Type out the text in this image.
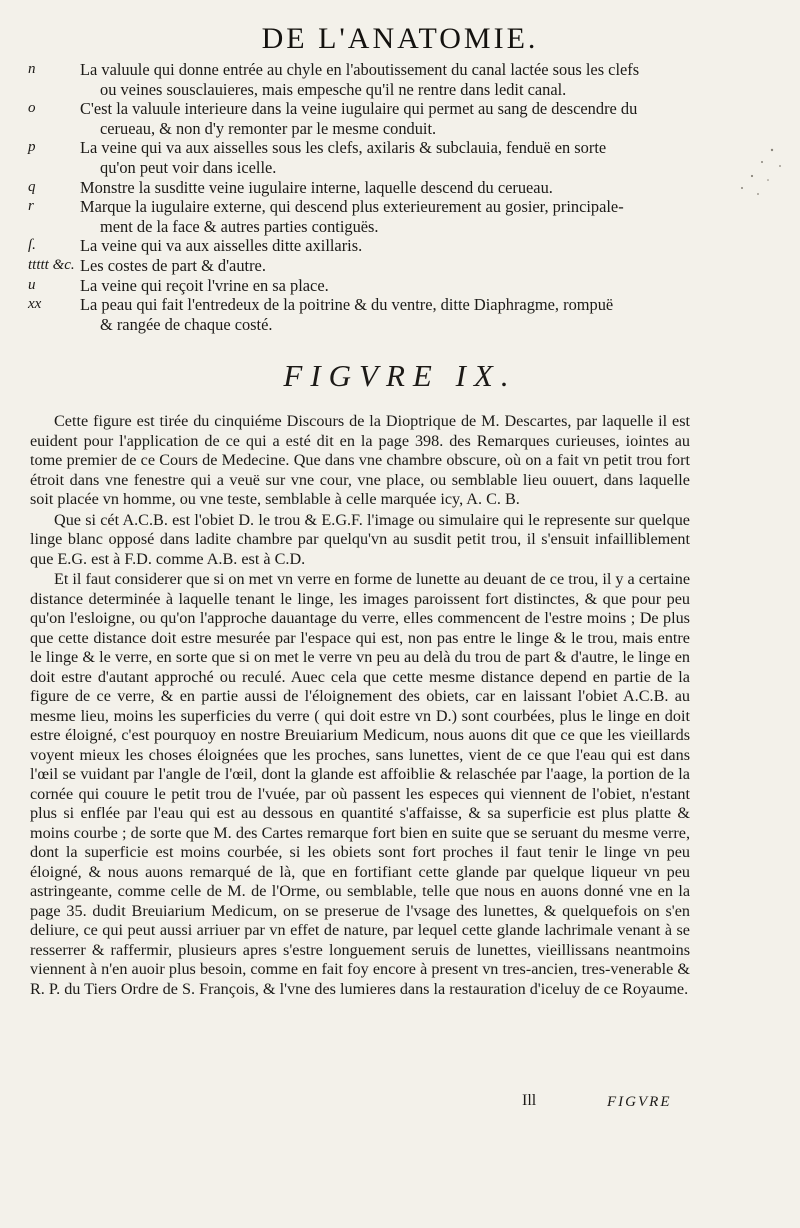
DE L'ANATOMIE.
n	La valuule qui donne entrée au chyle en l'aboutissement du canal lactée sous les clefs
ou veines sousclauieres, mais empesche qu'il ne rentre dans ledit canal.
o	C'est la valuule interieure dans la veine iugulaire qui permet au sang de descendre du
cerueau, & non d'y remonter par le mesme conduit.
p	La veine qui va aux aisselles sous les clefs, axilaris & subclauia, fenduë en sorte
qu'on peut voir dans icelle.
q	Monstre la susditte veine iugulaire interne, laquelle descend du cerueau.
r	Marque la iugulaire externe, qui descend plus exterieurement au gosier, principale-
ment de la face & autres parties contiguës.
ſ.	La veine qui va aux aisselles ditte axillaris.
ttttt &c. Les costes de part & d'autre.
u	La veine qui reçoit l'vrine en sa place.
xx	La peau qui fait l'entredeux de la poitrine & du ventre, ditte Diaphragme, rompuë
& rangée de chaque costé.
FIGVRE IX.

Cette figure est tirée du cinquiéme Discours de la Dioptrique de M. Descartes, par laquelle il est euident pour l'application de ce qui a esté dit en la page 398. des Remarques curieuses, iointes au tome premier de ce Cours de Medecine. Que dans vne chambre obscure, où on a fait vn petit trou fort étroit dans vne fenestre qui a veuë sur vne cour, vne place, ou semblable lieu ouuert, dans laquelle soit placée vn homme, ou vne teste, semblable à celle marquée icy, A. C. B.

Que si cét A.C.B. est l'obiet D. le trou & E.G.F. l'image ou simulaire qui le represente sur quelque linge blanc opposé dans ladite chambre par quelqu'vn au susdit petit trou, il s'ensuit infailliblement que E.G. est à F.D. comme A.B. est à C.D.

Et il faut considerer que si on met vn verre en forme de lunette au deuant de ce trou, il y a certaine distance determinée à laquelle tenant le linge, les images paroissent fort distinctes, & que pour peu qu'on l'esloigne, ou qu'on l'approche dauantage du verre, elles commencent de l'estre moins ; De plus que cette distance doit estre mesurée par l'espace qui est, non pas entre le linge & le trou, mais entre le linge & le verre, en sorte que si on met le verre vn peu au delà du trou de part & d'autre, le linge en doit estre d'autant approché ou reculé. Auec cela que cette mesme distance depend en partie de la figure de ce verre, & en partie aussi de l'éloignement des obiets, car en laissant l'obiet A.C.B. au mesme lieu, moins les superficies du verre ( qui doit estre vn D.) sont courbées, plus le linge en doit estre éloigné, c'est pourquoy en nostre Breuiarium Medicum, nous auons dit que ce que les vieillards voyent mieux les choses éloignées que les proches, sans lunettes, vient de ce que l'eau qui est dans l'œil se vuidant par l'angle de l'œil, dont la glande est affoiblie & relaschée par l'aage, la portion de la cornée qui couure le petit trou de l'vuée, par où passent les especes qui viennent de l'obiet, n'estant plus si enflée par l'eau qui est au dessous en quantité s'affaisse, & sa superficie est plus platte & moins courbe ; de sorte que M. des Cartes remarque fort bien en suite que se seruant du mesme verre, dont la superficie est moins courbée, si les obiets sont fort proches il faut tenir le linge vn peu éloigné, & nous auons remarqué de là, que en fortifiant cette glande par quelque liqueur vn peu astringeante, comme celle de M. de l'Orme, ou semblable, telle que nous en auons donné vne en la page 35. dudit Breuiarium Medicum, on se preserue de l'vsage des lunettes, & quelquefois on s'en deliure, ce qui peut aussi arriuer par vn effet de nature, par lequel cette glande lachrimale venant à se resserrer & raffermir, plusieurs apres s'estre longuement seruis de lunettes, vieillissans neantmoins viennent à n'en auoir plus besoin, comme en fait foy encore à present vn tres-ancien, tres-venerable & R. P. du Tiers Ordre de S. François, & l'vne des lumieres dans la restauration d'iceluy de ce Royaume.

Ill	FIGVRE
